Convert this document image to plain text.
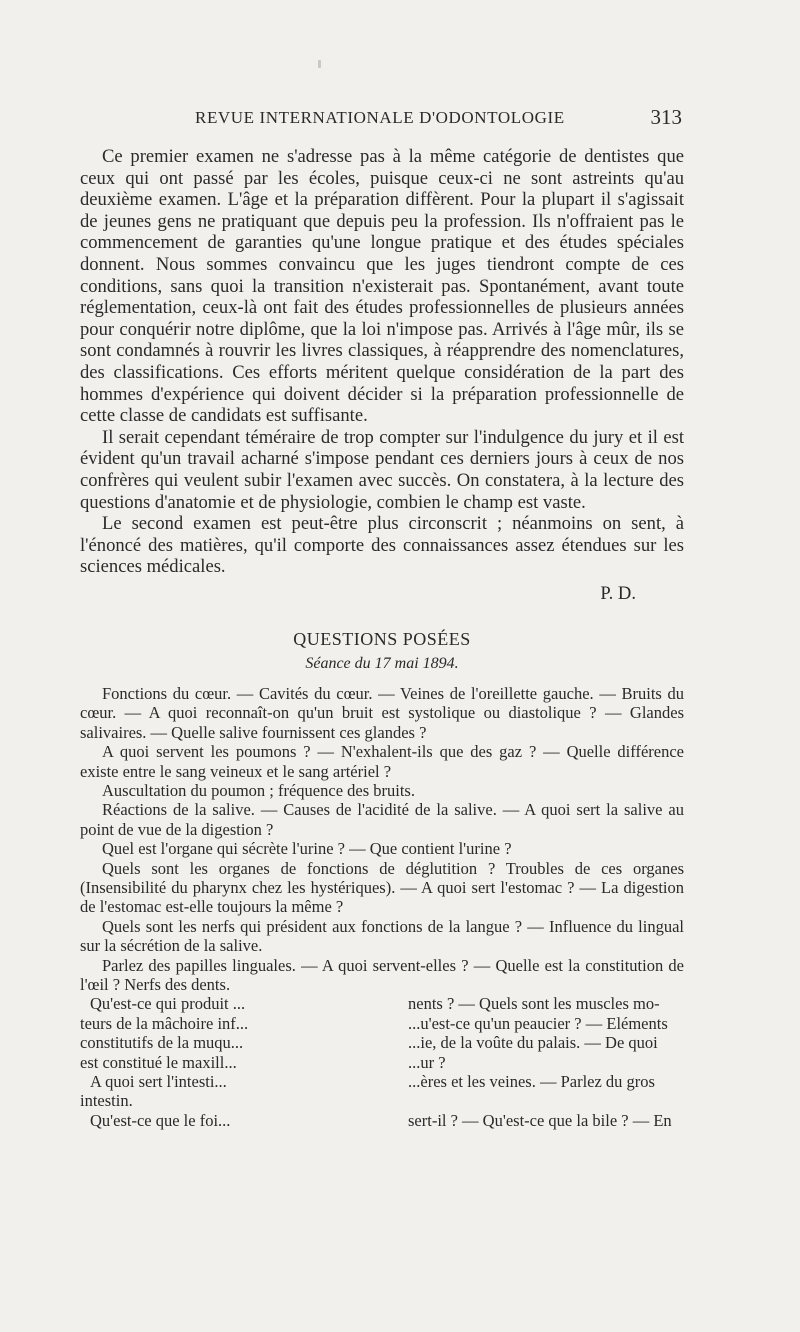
REVUE INTERNATIONALE D'ODONTOLOGIE	313

Ce premier examen ne s'adresse pas à la même catégorie de dentistes que ceux qui ont passé par les écoles, puisque ceux-ci ne sont astreints qu'au deuxième examen. L'âge et la préparation diffèrent. Pour la plupart il s'agissait de jeunes gens ne pratiquant que depuis peu la profession. Ils n'offraient pas le commencement de garanties qu'une longue pratique et des études spéciales donnent. Nous sommes convaincu que les juges tiendront compte de ces conditions, sans quoi la transition n'existerait pas. Spontanément, avant toute réglementation, ceux-là ont fait des études professionnelles de plusieurs années pour conquérir notre diplôme, que la loi n'impose pas. Arrivés à l'âge mûr, ils se sont condamnés à rouvrir les livres classiques, à réapprendre des nomenclatures, des classifications. Ces efforts méritent quelque considération de la part des hommes d'expérience qui doivent décider si la préparation professionnelle de cette classe de candidats est suffisante.

Il serait cependant téméraire de trop compter sur l'indulgence du jury et il est évident qu'un travail acharné s'impose pendant ces derniers jours à ceux de nos confrères qui veulent subir l'examen avec succès. On constatera, à la lecture des questions d'anatomie et de physiologie, combien le champ est vaste.

Le second examen est peut-être plus circonscrit ; néanmoins on sent, à l'énoncé des matières, qu'il comporte des connaissances assez étendues sur les sciences médicales.

P. D.
QUESTIONS POSÉES
Séance du 17 mai 1894.

Fonctions du cœur. — Cavités du cœur. — Veines de l'oreillette gauche. — Bruits du cœur. — A quoi reconnaît-on qu'un bruit est systolique ou diastolique ? — Glandes salivaires. — Quelle salive fournissent ces glandes ?

A quoi servent les poumons ? — N'exhalent-ils que des gaz ? — Quelle différence existe entre le sang veineux et le sang artériel ?

Auscultation du poumon ; fréquence des bruits.

Réactions de la salive. — Causes de l'acidité de la salive. — A quoi sert la salive au point de vue de la digestion ?

Quel est l'organe qui sécrète l'urine ? — Que contient l'urine ?

Quels sont les organes de fonctions de déglutition ? Troubles de ces organes (Insensibilité du pharynx chez les hystériques). — A quoi sert l'estomac ? — La digestion de l'estomac est-elle toujours la même ?

Quels sont les nerfs qui président aux fonctions de la langue ? — Influence du lingual sur la sécrétion de la salive.

Parlez des papilles linguales. — A quoi servent-elles ? — Quelle est la constitution de l'œil ? Nerfs des dents.

Qu'est-ce qui produit ...

teurs de la mâchoire inf...

constitutifs de la muqu...

est constitué le maxill...

A quoi sert l'intesti...

intestin.

Qu'est-ce que le foi...

nents ? — Quels sont les muscles mo-

...u'est-ce qu'un peaucier ? — Eléments

...ie, de la voûte du palais. — De quoi

...ur ?

...ères et les veines. — Parlez du gros

sert-il ? — Qu'est-ce que la bile ? — En
